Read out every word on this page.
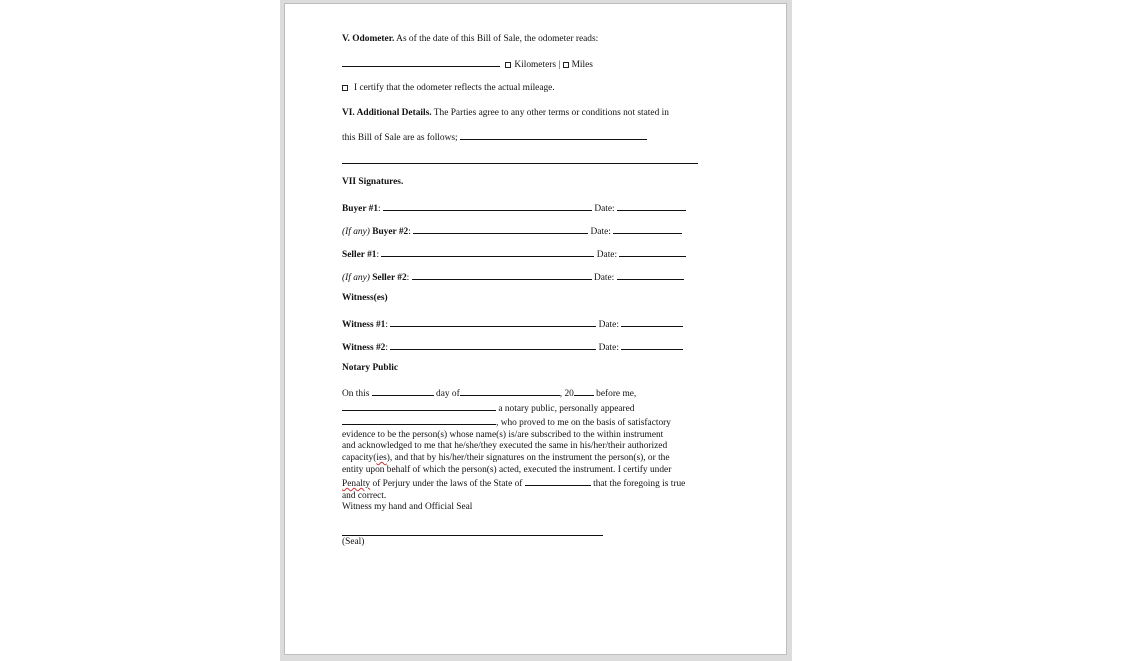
V. Odometer. As of the date of this Bill of Sale, the odometer reads:
Kilometers | Miles
I certify that the odometer reflects the actual mileage.
VI. Additional Details. The Parties agree to any other terms or conditions not stated in
this Bill of Sale are as follows;
VII Signatures.
Buyer #1:	Date:
(If any) Buyer #2:	Date:
Seller #1:	Date:
(If any) Seller #2:	Date:
Witness(es)
Witness #1:	Date:
Witness #2:	Date:
Notary Public
On this	day of	, 20 before me,
a notary public, personally appeared
, who proved to me on the basis of satisfactory
evidence to be the person(s) whose name(s) is/are subscribed to the within instrument
and acknowledged to me that he/she/they executed the same in his/her/their authorized
capacity(ies), and that by his/her/their signatures on the instrument the person(s), or the
entity upon behalf of which the person(s) acted, executed the instrument. I certify under
Penalty of Perjury under the laws of the State of	that the foregoing is true
and correct.
Witness my hand and Official Seal
(Seal)
